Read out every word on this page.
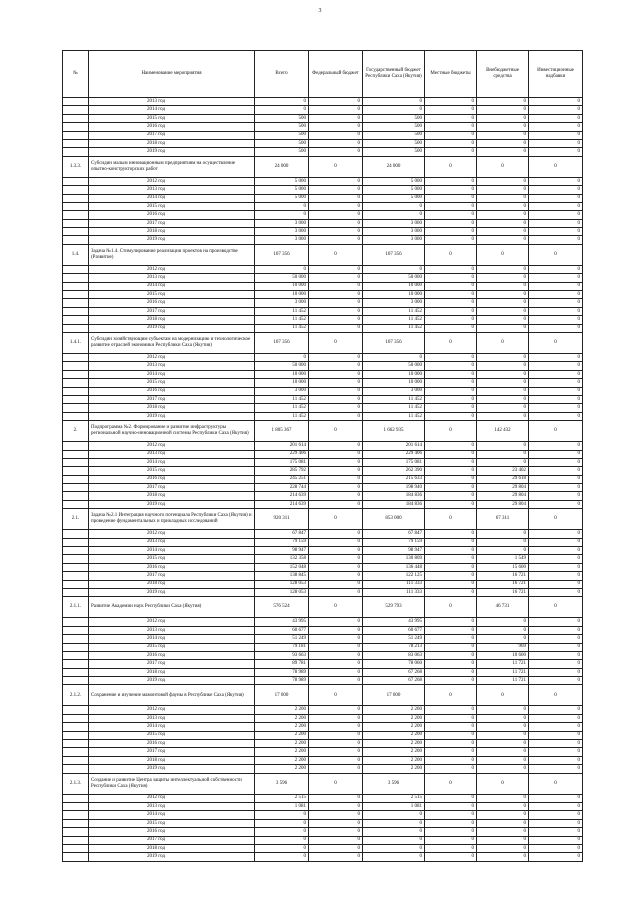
3
№	Наименование мероприятия	Всего	Федеральный бюджет	Государственный бюджет Республики Саха (Якутия)	Местные бюджеты	Внебюджетные средства	Инвестиционные надбавки
	2013 год	0	0	0	0	0	0
	2014 год	0	0	0	0	0	0
	2015 год	500	0	500	0	0	0
	2016 год	500	0	500	0	0	0
	2017 год	500	0	500	0	0	0
	2018 год	500	0	500	0	0	0
	2019 год	500	0	500	0	0	0
1.3.3.	Субсидии малым инновационным предприятиям на осуществление опытно-конструкторских работ	24 000	0	24 000	0	0	0
	2012 год	5 000	0	5 000	0	0	0
	2013 год	5 000	0	5 000	0	0	0
	2014 год	5 000	0	5 000	0	0	0
	2015 год	0	0	0	0	0	0
	2016 год	0	0	0	0	0	0
	2017 год	3 000	0	3 000	0	0	0
	2018 год	3 000	0	3 000	0	0	0
	2019 год	3 000	0	3 000	0	0	0
1.4.	Задача №1.4. Стимулирование реализации проектов на производстве (Развитие)	107 356	0	107 356	0	0	0
	2012 год	0	0	0	0	0	0
	2013 год	50 000	0	50 000	0	0	0
	2014 год	10 000	0	10 000	0	0	0
	2015 год	10 000	0	10 000	0	0	0
	2016 год	3 000	0	3 000	0	0	0
	2017 год	11 452	0	11 452	0	0	0
	2018 год	11 452	0	11 452	0	0	0
	2019 год	11 452	0	11 452	0	0	0
1.4.1.	Субсидии хозяйствующим субъектам на модернизацию и технологическое развитие отраслей экономики Республики Саха (Якутия)	107 356	0	107 356	0	0	0
	2012 год	0	0	0	0	0	0
	2013 год	50 000	0	50 000	0	0	0
	2014 год	10 000	0	10 000	0	0	0
	2015 год	10 000	0	10 000	0	0	0
	2016 год	3 000	0	3 000	0	0	0
	2017 год	11 452	0	11 452	0	0	0
	2018 год	11 452	0	11 452	0	0	0
	2019 год	11 452	0	11 452	0	0	0
2.	Подпрограмма №2. Формирование и развитие инфраструктуры региональной научно-инновационной системы Республики Саха (Якутия)	1 805 367	0	1 662 935	0	142 432	0
	2012 год	201 614	0	201 614	0	0	0
	2013 год	229 406	0	229 406	0	0	0
	2014 год	175 081	0	175 081	0	0	0
	2015 год	285 792	0	262 390	0	23 402	0
	2016 год	245 251	0	215 633	0	29 618	0
	2017 год	228 744	0	198 940	0	29 804	0
	2018 год	214 639	0	184 836	0	29 804	0
	2019 год	214 639	0	184 836	0	29 804	0
2.1.	Задача №2.1 Интеграция научного потенциала Республики Саха (Якутия) и проведение фундаментальных и прикладных исследований	920 311	0	853 000	0	67 311	0
	2012 год	67 847	0	67 847	0	0	0
	2013 год	79 159	0	79 159	0	0	0
	2014 год	98 947	0	98 947	0	0	0
	2015 год	132 358	0	130 809	0	1 549	0
	2016 год	152 048	0	136 448	0	15 600	0
	2017 год	138 845	0	122 125	0	16 721	0
	2018 год	128 053	0	111 333	0	16 721	0
	2019 год	128 053	0	111 333	0	16 721	0
2.1.1.	Развитие Академии наук Республики Саха (Якутия)	576 524	0	529 793	0	46 731	0
	2012 год	43 995	0	43 995	0	0	0
	2013 год	60 677	0	60 677	0	0	0
	2014 год	51 249	0	51 249	0	0	0
	2015 год	79 181	0	78 213	0	969	0
	2016 год	93 663	0	83 063	0	10 600	0
	2017 год	89 781	0	78 060	0	11 721	0
	2018 год	78 989	0	67 268	0	11 721	0
	2019 год	78 989	0	67 268	0	11 721	0
2.1.2.	Сохранение и изучение мамонтовой фауны в Республике Саха (Якутия)	17 600	0	17 600	0	0	0
	2012 год	2 200	0	2 200	0	0	0
	2013 год	2 200	0	2 200	0	0	0
	2014 год	2 200	0	2 200	0	0	0
	2015 год	2 200	0	2 200	0	0	0
	2016 год	2 200	0	2 200	0	0	0
	2017 год	2 200	0	2 200	0	0	0
	2018 год	2 200	0	2 200	0	0	0
	2019 год	2 200	0	2 200	0	0	0
2.1.3.	Создание и развитие Центра защиты интеллектуальной собственности Республики Саха (Якутия)	3 596	0	3 596	0	0	0
	2012 год	2 515	0	2 515	0	0	0
	2013 год	1 081	0	1 081	0	0	0
	2014 год	0	0	0	0	0	0
	2015 год	0	0	0	0	0	0
	2016 год	0	0	0	0	0	0
	2017 год	0	0	0	0	0	0
	2018 год	0	0	0	0	0	0
	2019 год	0	0	0	0	0	0
